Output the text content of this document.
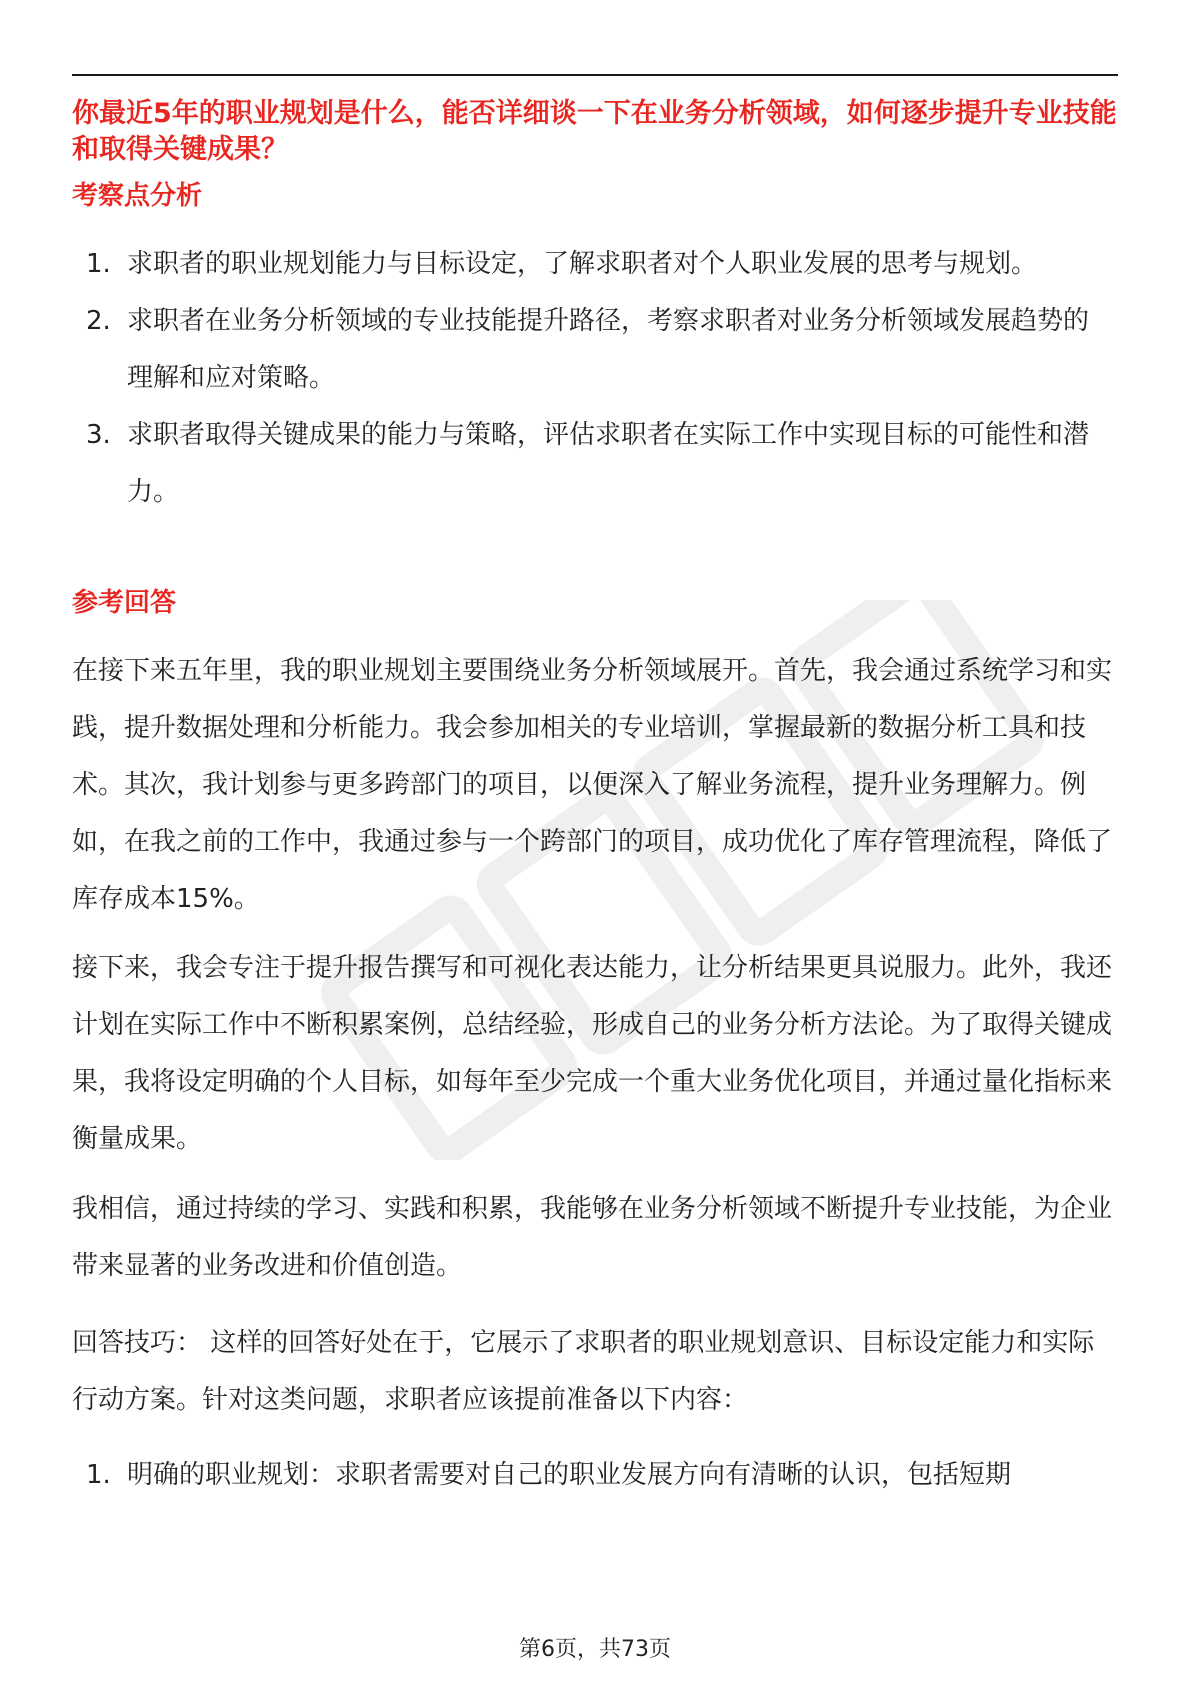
你最近5年的职业规划是什么，能否详细谈一下在业务分析领域，如何逐步提升专业技能和取得关键成果？
考察点分析
1. 求职者的职业规划能力与目标设定，了解求职者对个人职业发展的思考与规划。
2. 求职者在业务分析领域的专业技能提升路径，考察求职者对业务分析领域发展趋势的理解和应对策略。
3. 求职者取得关键成果的能力与策略，评估求职者在实际工作中实现目标的可能性和潜力。
参考回答

在接下来五年里，我的职业规划主要围绕业务分析领域展开。首先，我会通过系统学习和实践，提升数据处理和分析能力。我会参加相关的专业培训，掌握最新的数据分析工具和技术。其次，我计划参与更多跨部门的项目，以便深入了解业务流程，提升业务理解力。例如，在我之前的工作中，我通过参与一个跨部门的项目，成功优化了库存管理流程，降低了库存成本15%。

接下来，我会专注于提升报告撰写和可视化表达能力，让分析结果更具说服力。此外，我还计划在实际工作中不断积累案例，总结经验，形成自己的业务分析方法论。为了取得关键成果，我将设定明确的个人目标，如每年至少完成一个重大业务优化项目，并通过量化指标来衡量成果。

我相信，通过持续的学习、实践和积累，我能够在业务分析领域不断提升专业技能，为企业带来显著的业务改进和价值创造。

回答技巧： 这样的回答好处在于，它展示了求职者的职业规划意识、目标设定能力和实际行动方案。针对这类问题，求职者应该提前准备以下内容：

1. 明确的职业规划：求职者需要对自己的职业发展方向有清晰的认识，包括短期
第6页，共73页
